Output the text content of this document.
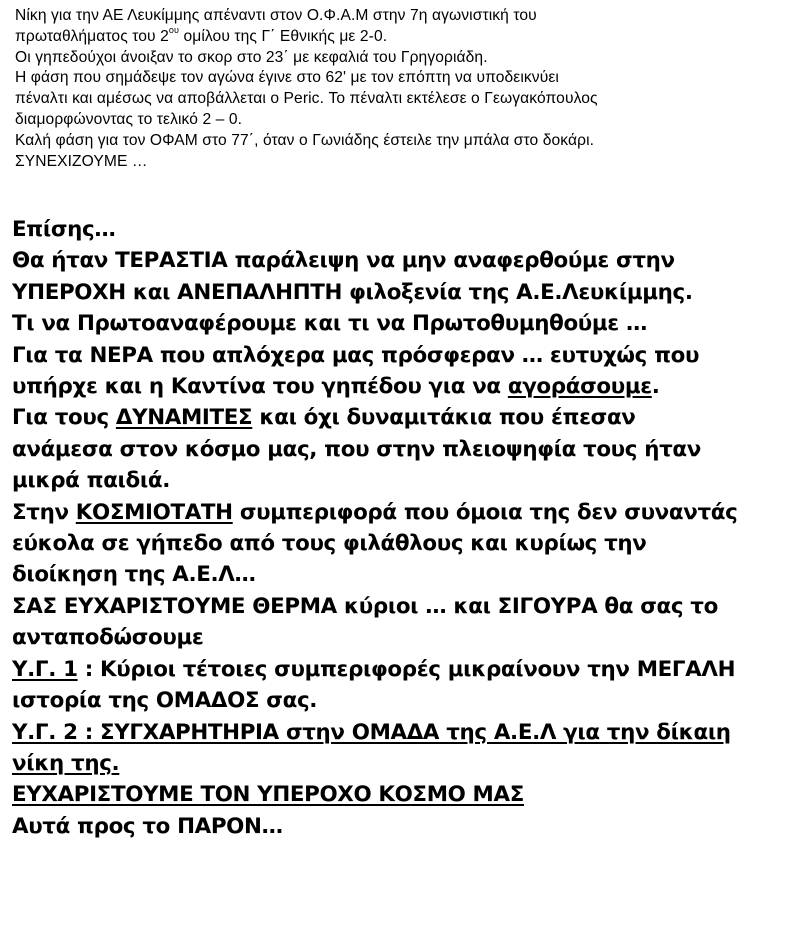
Νίκη για την ΑΕ Λευκίμμης απέναντι στον Ο.Φ.Α.Μ στην 7η αγωνιστική του
πρωταθλήματος του $2^{o\upsilon}$ ομίλου της Γ΄ Εθνικής με 2-0.
Οι γηπεδούχοι άνοιξαν το σκορ στο 23΄ με κεφαλιά του Γρηγοριάδη.
Η φάση που σημάδεψε τον αγώνα έγινε στο 62' με τον επόπτη να υποδεικνύει
πέναλτι και αμέσως να αποβάλλεται ο Peric. Το πέναλτι εκτέλεσε ο Γεωγακόπουλος
διαμορφώνοντας το τελικό 2 – 0.
Καλή φάση για τον ΟΦΑΜ στο 77΄, όταν ο Γωνιάδης έστειλε την μπάλα στο δοκάρι.
ΣΥΝΕΧΙΖΟΥΜΕ …
Επίσης…
Θα ήταν ΤΕΡΑΣΤΙΑ παράλειψη να μην αναφερθούμε στην
ΥΠΕΡΟΧΗ και ΑΝΕΠΑΛΗΠΤΗ φιλοξενία της Α.Ε.Λευκίμμης.
Τι να Πρωτοαναφέρουμε και τι να Πρωτοθυμηθούμε …
Για τα ΝΕΡΑ που απλόχερα μας πρόσφεραν … ευτυχώς που
υπήρχε και η Καντίνα του γηπέδου για να αγοράσουμε.
Για τους ΔΥΝΑΜΙΤΕΣ και όχι δυναμιτάκια που έπεσαν
ανάμεσα στον κόσμο μας, που στην πλειοψηφία τους ήταν
μικρά παιδιά.
Στην ΚΟΣΜΙΟΤΑΤΗ συμπεριφορά που όμοια της δεν συναντάς
εύκολα σε γήπεδο από τους φιλάθλους και κυρίως την
διοίκηση της Α.Ε.Λ…
ΣΑΣ ΕΥΧΑΡΙΣΤΟΥΜΕ ΘΕΡΜΑ κύριοι … και ΣΙΓΟΥΡΑ θα σας το
ανταποδώσουμε
Υ.Γ. 1 : Κύριοι τέτοιες συμπεριφορές μικραίνουν την ΜΕΓΑΛΗ
ιστορία της ΟΜΑΔΟΣ σας.
Υ.Γ. 2 : ΣΥΓΧΑΡΗΤΗΡΙΑ στην ΟΜΑΔΑ της Α.Ε.Λ για την δίκαιη
νίκη της.
ΕΥΧΑΡΙΣΤΟΥΜΕ ΤΟΝ ΥΠΕΡΟΧΟ ΚΟΣΜΟ ΜΑΣ
Αυτά προς το ΠΑΡΟΝ…
